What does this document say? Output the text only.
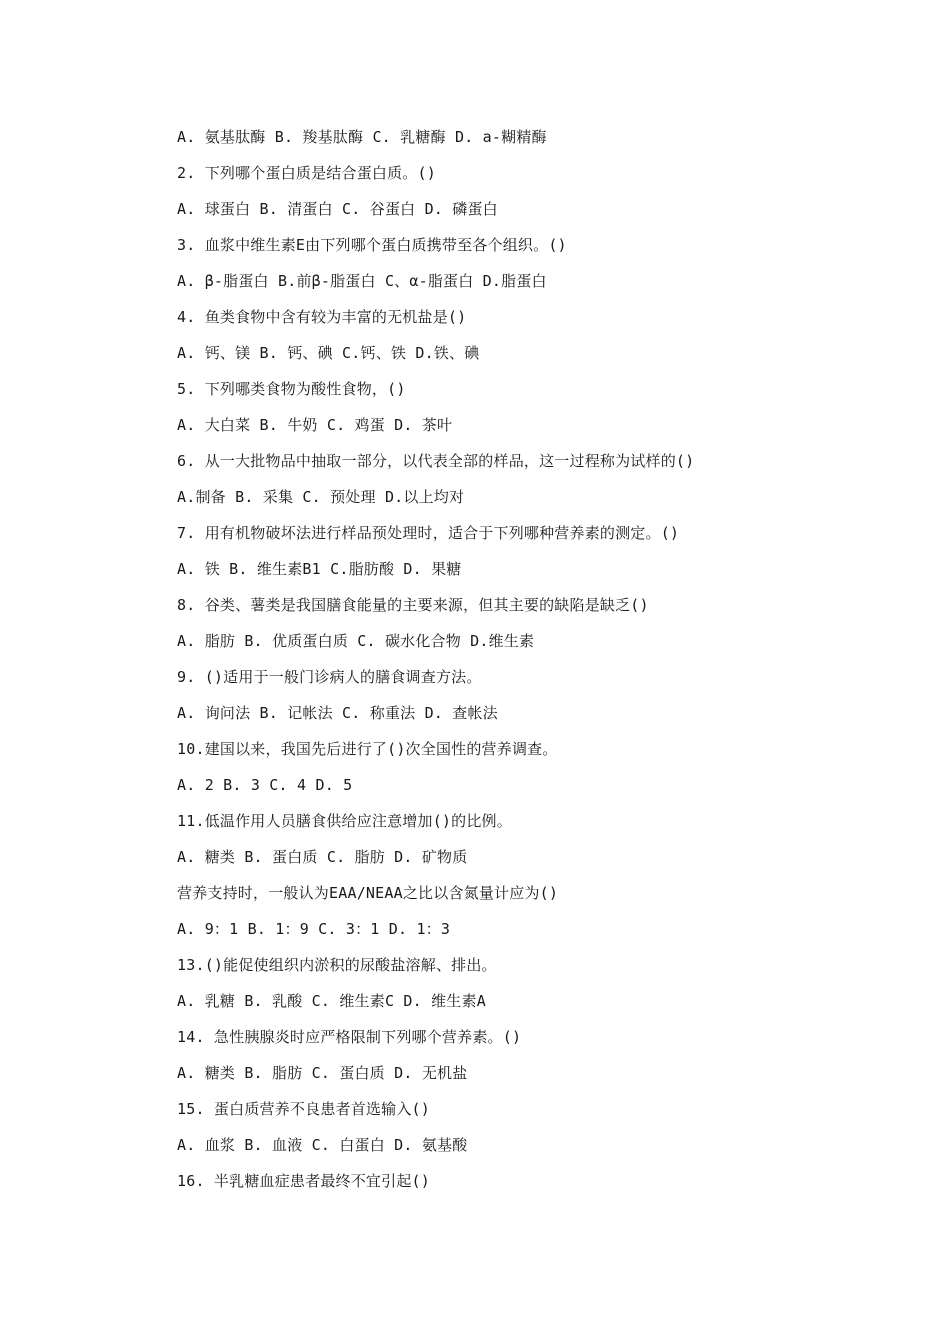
A. 氨基肽酶 B. 羧基肽酶 C. 乳糖酶 D. a-糊精酶
2. 下列哪个蛋白质是结合蛋白质。()
A. 球蛋白 B. 清蛋白 C. 谷蛋白 D. 磷蛋白
3. 血浆中维生素E由下列哪个蛋白质携带至各个组织。()
A. β-脂蛋白 B.前β-脂蛋白 C、α-脂蛋白 D.脂蛋白
4. 鱼类食物中含有较为丰富的无机盐是()
A. 钙、镁 B. 钙、碘 C.钙、铁 D.铁、碘
5. 下列哪类食物为酸性食物，()
A. 大白菜 B. 牛奶 C. 鸡蛋 D. 茶叶
6. 从一大批物品中抽取一部分，以代表全部的样品，这一过程称为试样的()
A.制备 B. 采集 C. 预处理 D.以上均对
7. 用有机物破坏法进行样品预处理时，适合于下列哪种营养素的测定。()
A. 铁 B. 维生素B1 C.脂肪酸 D. 果糖
8. 谷类、薯类是我国膳食能量的主要来源，但其主要的缺陷是缺乏()
A. 脂肪 B. 优质蛋白质 C. 碳水化合物 D.维生素
9. ()适用于一般门诊病人的膳食调查方法。
A. 询问法 B. 记帐法 C. 称重法 D. 查帐法
10.建国以来，我国先后进行了()次全国性的营养调查。
A. 2 B. 3 C. 4 D. 5
11.低温作用人员膳食供给应注意增加()的比例。
A. 糖类 B. 蛋白质 C. 脂肪 D. 矿物质
营养支持时，一般认为EAA/NEAA之比以含氮量计应为()
A. 9：1 B. 1：9 C. 3：1 D. 1：3
13.()能促使组织内淤积的尿酸盐溶解、排出。
A. 乳糖 B. 乳酸 C. 维生素C D. 维生素A
14. 急性胰腺炎时应严格限制下列哪个营养素。()
A. 糖类 B. 脂肪 C. 蛋白质 D. 无机盐
15. 蛋白质营养不良患者首选输入()
A. 血浆 B. 血液 C. 白蛋白 D. 氨基酸
16. 半乳糖血症患者最终不宜引起()
